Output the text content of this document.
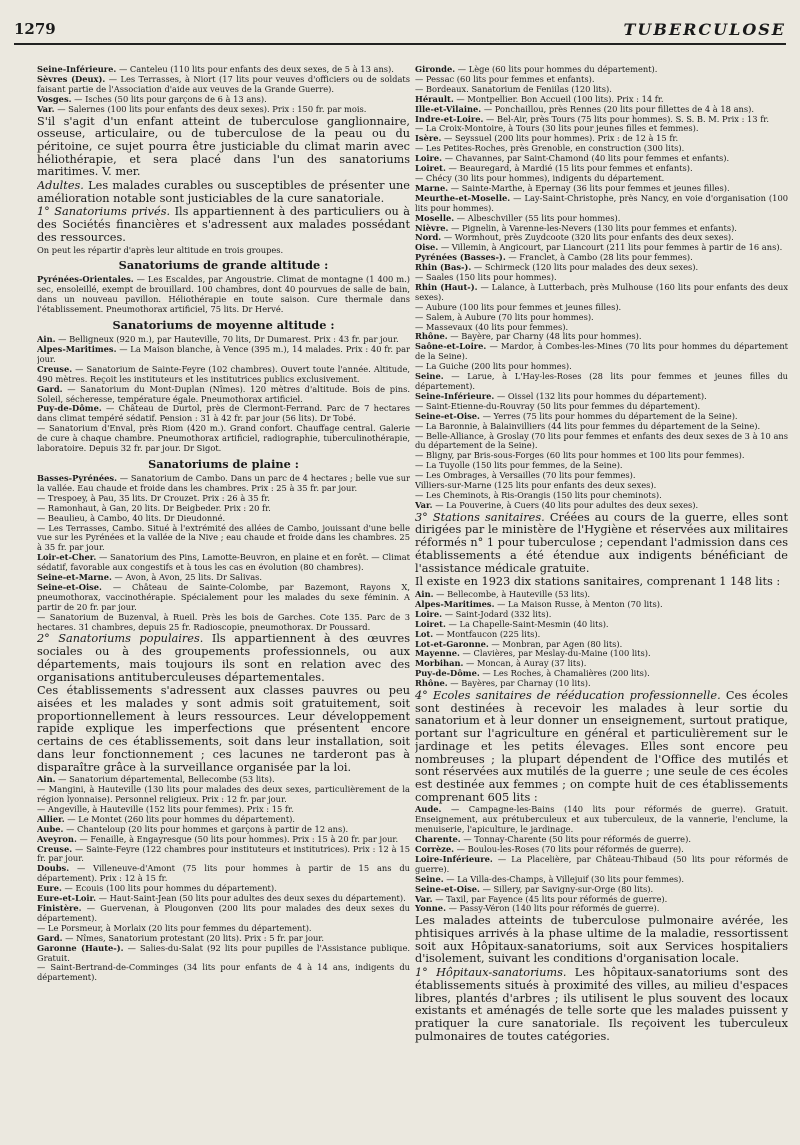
1279	TUBERCULOSE

Seine-Inférieure. — Canteleu (110 lits pour enfants des deux sexes, de 5 à 13 ans).

Sèvres (Deux). — Les Terrasses, à Niort (17 lits pour veuves d'officiers ou de soldats faisant partie de l'Association d'aide aux veuves de la Grande Guerre).

Vosges. — Isches (50 lits pour garçons de 6 à 13 ans).

Var. — Salernes (100 lits pour enfants des deux sexes). Prix : 150 fr. par mois.

S'il s'agit d'un enfant atteint de tuberculose ganglionnaire, osseuse, articulaire, ou de tuberculose de la peau ou du péritoine, ce sujet pourra être justiciable du climat marin avec héliothérapie, et sera placé dans l'un des sanatoriums maritimes. V. mer.

Adultes. Les malades curables ou susceptibles de présenter une amélioration notable sont justiciables de la cure sanatoriale.

1° Sanatoriums privés. Ils appartiennent à des particuliers ou à des Sociétés financières et s'adressent aux malades possédant des ressources.

On peut les répartir d'après leur altitude en trois groupes.

Sanatoriums de grande altitude :

Pyrénées-Orientales. — Les Escaldes, par Angoustrie. Climat de montagne (1 400 m.) sec, ensoleillé, exempt de brouillard. 100 chambres, dont 40 pourvues de salle de bain, dans un nouveau pavillon. Héliothérapie en toute saison. Cure thermale dans l'établissement. Pneumothorax artificiel, 75 lits. Dr Hervé.

Sanatoriums de moyenne altitude :

Ain. — Belligneux (920 m.), par Hauteville, 70 lits, Dr Dumarest. Prix : 43 fr. par jour.

Alpes-Maritimes. — La Maison blanche, à Vence (395 m.), 14 malades. Prix : 40 fr. par jour.

Creuse. — Sanatorium de Sainte-Feyre (102 chambres). Ouvert toute l'année. Altitude, 490 mètres. Reçoit les instituteurs et les institutrices publics exclusivement.

Gard. — Sanatorium du Mont-Duplan (Nîmes). 120 mètres d'altitude. Bois de pins. Soleil, sécheresse, température égale. Pneumothorax artificiel.

Puy-de-Dôme. — Château de Durtol, près de Clermont-Ferrand. Parc de 7 hectares dans climat tempéré sédatif. Pension : 31 à 42 fr. par jour (56 lits). Dr Tobé.

— Sanatorium d'Enval, près Riom (420 m.). Grand confort. Chauffage central. Galerie de cure à chaque chambre. Pneumothorax artificiel, radiographie, tuberculinothérapie, laboratoire. Depuis 32 fr. par jour. Dr Sigot.

Sanatoriums de plaine :

Basses-Pyrénées. — Sanatorium de Cambo. Dans un parc de 4 hectares ; belle vue sur la vallée. Eau chaude et froide dans les chambres. Prix : 25 à 35 fr. par jour.

— Trespoey, à Pau, 35 lits. Dr Crouzet. Prix : 26 à 35 fr.

— Ramonhaut, à Gan, 20 lits. Dr Beigbeder. Prix : 20 fr.

— Beaulieu, à Cambo, 40 lits. Dr Dieudonné.

— Les Terrasses, Cambo. Situé à l'extrémité des allées de Cambo, jouissant d'une belle vue sur les Pyrénées et la vallée de la Nive ; eau chaude et froide dans les chambres. 25 à 35 fr. par jour.

Loir-et-Cher. — Sanatorium des Pins, Lamotte-Beuvron, en plaine et en forêt. — Climat sédatif, favorable aux congestifs et à tous les cas en évolution (80 chambres).

Seine-et-Marne. — Avon, à Avon, 25 lits. Dr Salivas.

Seine-et-Oise. — Château de Sainte-Colombe, par Bazemont, Rayons X, pneumothorax, vaccinothérapie. Spécialement pour les malades du sexe féminin. A partir de 20 fr. par jour.

— Sanatorium de Buzenval, à Rueil. Près les bois de Garches. Cote 135. Parc de 3 hectares. 31 chambres, depuis 25 fr. Radioscopie, pneumothorax. Dr Poussard.

2° Sanatoriums populaires. Ils appartiennent à des œuvres sociales ou à des groupements professionnels, ou aux départements, mais toujours ils sont en relation avec des organisations antituberculeuses départementales.

Ces établissements s'adressent aux classes pauvres ou peu aisées et les malades y sont admis soit gratuitement, soit proportionnellement à leurs ressources. Leur développement rapide explique les imperfections que présentent encore certains de ces établissements, soit dans leur installation, soit dans leur fonctionnement ; ces lacunes ne tarderont pas à disparaître grâce à la surveillance organisée par la loi.

Ain. — Sanatorium départemental, Bellecombe (53 lits).

— Mangini, à Hauteville (130 lits pour malades des deux sexes, particulièrement de la région lyonnaise). Personnel religieux. Prix : 12 fr. par jour.

— Angeville, à Hauteville (152 lits pour femmes). Prix : 15 fr.

Allier. — Le Montet (260 lits pour hommes du département).

Aube. — Chanteloup (20 lits pour hommes et garçons à partir de 12 ans).

Aveyron. — Fenaille, à Engayresque (50 lits pour hommes). Prix : 15 à 20 fr. par jour.

Creuse. — Sainte-Feyre (122 chambres pour instituteurs et institutrices). Prix : 12 à 15 fr. par jour.

Doubs. — Villeneuve-d'Amont (75 lits pour hommes à partir de 15 ans du département). Prix : 12 à 15 fr.

Eure. — Ecouis (100 lits pour hommes du département).

Eure-et-Loir. — Haut-Saint-Jean (50 lits pour adultes des deux sexes du département).

Finistère. — Guervenan, à Plougonven (200 lits pour malades des deux sexes du département).

— Le Porsmeur, à Morlaix (20 lits pour femmes du département).

Gard. — Nîmes, Sanatorium protestant (20 lits). Prix : 5 fr. par jour.

Garonne (Haute-). — Salies-du-Salat (92 lits pour pupilles de l'Assistance publique. Gratuit.

— Saint-Bertrand-de-Comminges (34 lits pour enfants de 4 à 14 ans, indigents du département).

Gironde. — Lège (60 lits pour hommes du département).

— Pessac (60 lits pour femmes et enfants).

— Bordeaux. Sanatorium de Feniilas (120 lits).

Hérault. — Montpellier. Bon Accueil (100 lits). Prix : 14 fr.

Ille-et-Vilaine. — Ponchaillou, près Rennes (20 lits pour fillettes de 4 à 18 ans).

Indre-et-Loire. — Bel-Air, près Tours (75 lits pour hommes). S. S. B. M. Prix : 13 fr.

— La Croix-Montoire, à Tours (30 lits pour jeunes filles et femmes).

Isère. — Seyssuel (200 lits pour hommes). Prix : de 12 à 15 fr.

— Les Petites-Roches, près Grenoble, en construction (300 lits).

Loire. — Chavannes, par Saint-Chamond (40 lits pour femmes et enfants).

Loiret. — Beauregard, à Mardié (15 lits pour femmes et enfants).

— Chécy (30 lits pour hommes), indigents du département.

Marne. — Sainte-Marthe, à Epernay (36 lits pour femmes et jeunes filles).

Meurthe-et-Moselle. — Lay-Saint-Christophe, près Nancy, en voie d'organisation (100 lits pour hommes).

Moselle. — Albeschviller (55 lits pour hommes).

Nièvre. — Pignelin, à Varenne-les-Nevers (130 lits pour femmes et enfants).

Nord. — Wormhout, près Zuydcoote (320 lits pour enfants des deux sexes).

Oise. — Villemin, à Angicourt, par Liancourt (211 lits pour femmes à partir de 16 ans).

Pyrénées (Basses-). — Franclet, à Cambo (28 lits pour femmes).

Rhin (Bas-). — Schirmeck (120 lits pour malades des deux sexes).

— Saales (150 lits pour hommes).

Rhin (Haut-). — Lalance, à Lutterbach, près Mulhouse (160 lits pour enfants des deux sexes).

— Aubure (100 lits pour femmes et jeunes filles).

— Salem, à Aubure (70 lits pour hommes).

— Massevaux (40 lits pour femmes).

Rhône. — Bayère, par Charny (48 lits pour hommes).

Saône-et-Loire. — Mardor, à Combes-les-Mines (70 lits pour hommes du département de la Seine).

— La Guiche (200 lits pour hommes).

Seine. — Larue, à L'Hay-les-Roses (28 lits pour femmes et jeunes filles du département).

Seine-Inférieure. — Oissel (132 lits pour hommes du département).

— Saint-Etienne-du-Rouvray (50 lits pour femmes du département).

Seine-et-Oise. — Yerres (75 lits pour hommes du département de la Seine).

— La Baronnie, à Balainvilliers (44 lits pour femmes du département de la Seine).

— Belle-Alliance, à Groslay (70 lits pour femmes et enfants des deux sexes de 3 à 10 ans du département de la Seine).

— Bligny, par Bris-sous-Forges (60 lits pour hommes et 100 lits pour femmes).

— La Tuyolle (150 lits pour femmes, de la Seine).

— Les Ombrages, à Versailles (70 lits pour femmes).

Villiers-sur-Marne (125 lits pour enfants des deux sexes).

— Les Cheminots, à Ris-Orangis (150 lits pour cheminots).

Var. — La Pouverine, à Cuers (40 lits pour adultes des deux sexes).

3° Stations sanitaires. Créées au cours de la guerre, elles sont dirigées par le ministère de l'Hygiène et réservées aux militaires réformés n° 1 pour tuberculose ; cependant l'admission dans ces établissements a été étendue aux indigents bénéficiant de l'assistance médicale gratuite.

Il existe en 1923 dix stations sanitaires, comprenant 1 148 lits :

Ain. — Bellecombe, à Hauteville (53 lits).

Alpes-Maritimes. — La Maison Russe, à Menton (70 lits).

Loire. — Saint-Jodard (332 lits).

Loiret. — La Chapelle-Saint-Mesmin (40 lits).

Lot. — Montfaucon (225 lits).

Lot-et-Garonne. — Monbran, par Agen (80 lits).

Mayenne. — Clavières, par Meslay-du-Maine (100 lits).

Morbihan. — Moncan, à Auray (37 lits).

Puy-de-Dôme. — Les Roches, à Chamalières (200 lits).

Rhône. — Bayères, par Charnay (10 lits).

4° Ecoles sanitaires de rééducation professionnelle. Ces écoles sont destinées à recevoir les malades à leur sortie du sanatorium et à leur donner un enseignement, surtout pratique, portant sur l'agriculture en général et particulièrement sur le jardinage et les petits élevages. Elles sont encore peu nombreuses ; la plupart dépendent de l'Office des mutilés et sont réservées aux mutilés de la guerre ; une seule de ces écoles est destinée aux femmes ; on compte huit de ces établissements comprenant 605 lits :

Aude. — Campagne-les-Bains (140 lits pour réformés de guerre). Gratuit. Enseignement, aux prétuberculeux et aux tuberculeux, de la vannerie, l'enclume, la menuiserie, l'apiculture, le jardinage.

Charente. — Tonnay-Charente (50 lits pour réformés de guerre).

Corrèze. — Boulou-les-Roses (70 lits pour réformés de guerre).

Loire-Inférieure. — La Placelière, par Château-Thibaud (50 lits pour réformés de guerre).

Seine. — La Villa-des-Champs, à Villejuif (30 lits pour femmes).

Seine-et-Oise. — Sillery, par Savigny-sur-Orge (80 lits).

Var. — Taxil, par Fayence (45 lits pour réformés de guerre).

Yonne. — Passy-Véron (140 lits pour réformés de guerre).

Les malades atteints de tuberculose pulmonaire avérée, les phtisiques arrivés à la phase ultime de la maladie, ressortissent soit aux Hôpitaux-sanatoriums, soit aux Services hospitaliers d'isolement, suivant les conditions d'organisation locale.

1° Hôpitaux-sanatoriums. Les hôpitaux-sanatoriums sont des établissements situés à proximité des villes, au milieu d'espaces libres, plantés d'arbres ; ils utilisent le plus souvent des locaux existants et aménagés de telle sorte que les malades puissent y pratiquer la cure sanatoriale. Ils reçoivent les tuberculeux pulmonaires de toutes catégories.
